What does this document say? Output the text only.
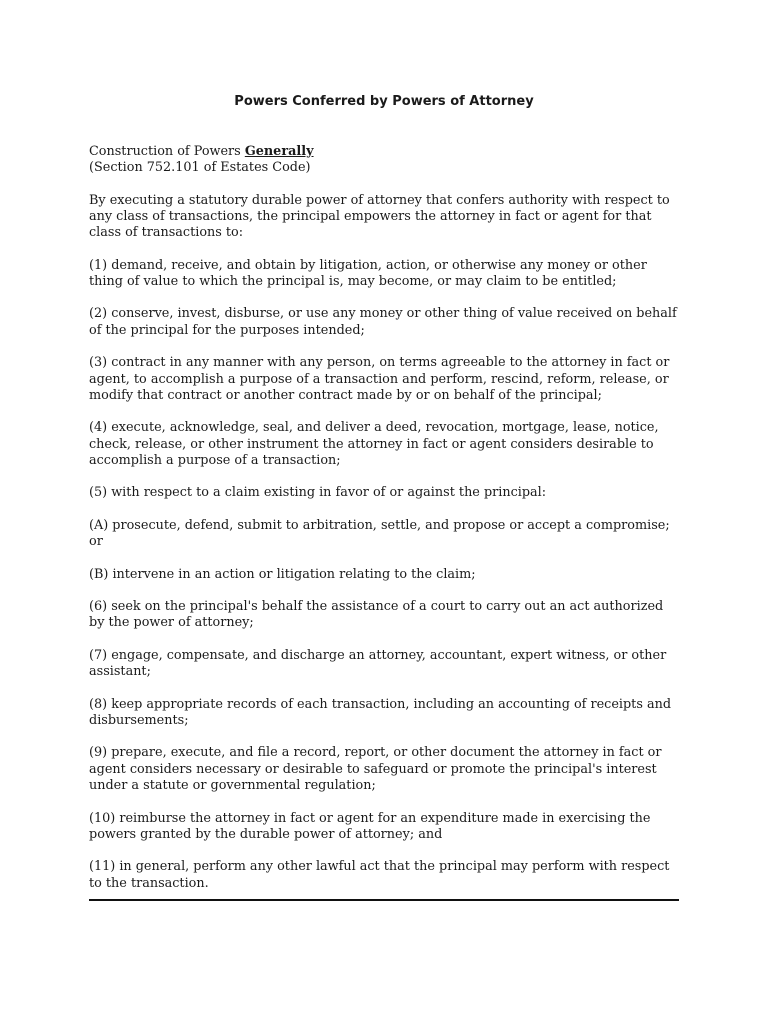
Powers Conferred by Powers of Attorney
Construction of Powers Generally
(Section 752.101 of Estates Code)

By executing a statutory durable power of attorney that confers authority with respect to any class of transactions, the principal empowers the attorney in fact or agent for that class of transactions to:

(1) demand, receive, and obtain by litigation, action, or otherwise any money or other thing of value to which the principal is, may become, or may claim to be entitled;

(2) conserve, invest, disburse, or use any money or other thing of value received on behalf of the principal for the purposes intended;

(3) contract in any manner with any person, on terms agreeable to the attorney in fact or agent, to accomplish a purpose of a transaction and perform, rescind, reform, release, or modify that contract or another contract made by or on behalf of the principal;

(4) execute, acknowledge, seal, and deliver a deed, revocation, mortgage, lease, notice, check, release, or other instrument the attorney in fact or agent considers desirable to accomplish a purpose of a transaction;

(5) with respect to a claim existing in favor of or against the principal:

(A) prosecute, defend, submit to arbitration, settle, and propose or accept a compromise; or

(B) intervene in an action or litigation relating to the claim;

(6) seek on the principal's behalf the assistance of a court to carry out an act authorized by the power of attorney;

(7) engage, compensate, and discharge an attorney, accountant, expert witness, or other assistant;

(8) keep appropriate records of each transaction, including an accounting of receipts and disbursements;

(9) prepare, execute, and file a record, report, or other document the attorney in fact or agent considers necessary or desirable to safeguard or promote the principal's interest under a statute or governmental regulation;

(10) reimburse the attorney in fact or agent for an expenditure made in exercising the powers granted by the durable power of attorney; and

(11) in general, perform any other lawful act that the principal may perform with respect to the transaction.
